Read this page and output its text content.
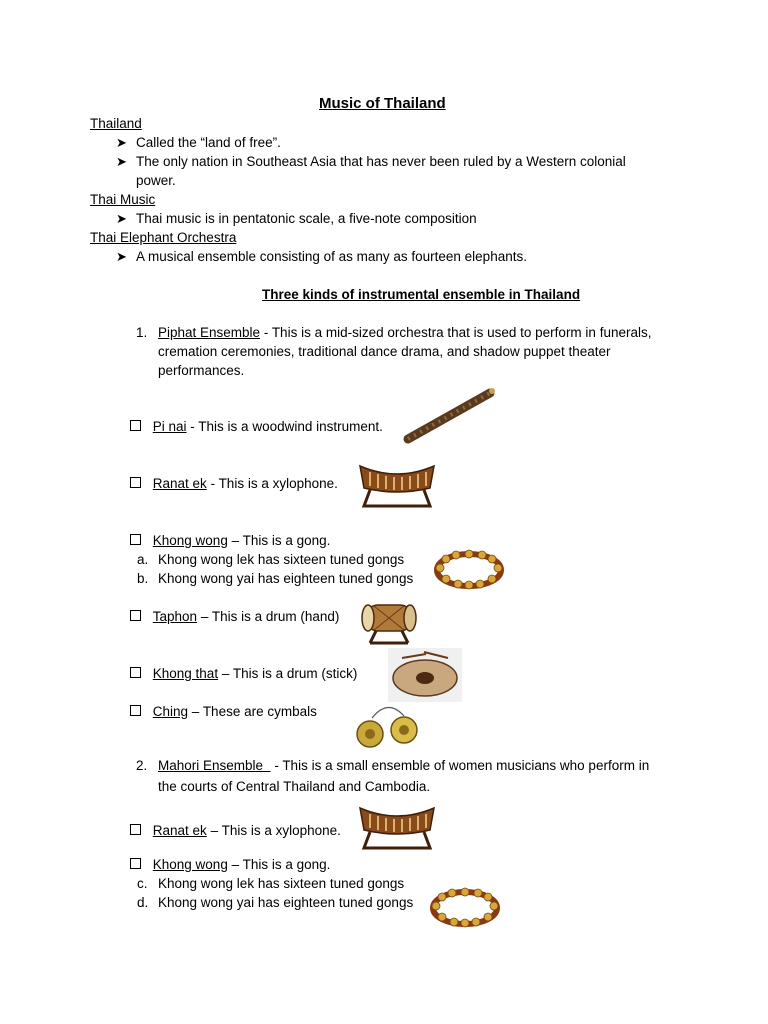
Music of Thailand
Thailand
➤ Called the “land of free”.
➤ The only nation in Southeast Asia that has never been ruled by a Western colonial
power.
Thai Music
➤ Thai music is in pentatonic scale, a five-note composition
Thai Elephant Orchestra
➤ A musical ensemble consisting of as many as fourteen elephants.
Three kinds of instrumental ensemble in Thailand
1. Piphat Ensemble - This is a mid-sized orchestra that is used to perform in funerals,
cremation ceremonies, traditional dance drama, and shadow puppet theater
performances.
Pi nai - This is a woodwind instrument.
Ranat ek - This is a xylophone.
Khong wong – This is a gong.
a. Khong wong lek has sixteen tuned gongs
b. Khong wong yai has eighteen tuned gongs
Taphon – This is a drum (hand)
Khong that – This is a drum (stick)
Ching – These are cymbals
2. Mahori Ensemble   - This is a small ensemble of women musicians who perform in
the courts of Central Thailand and Cambodia.
Ranat ek – This is a xylophone.
Khong wong – This is a gong.
c. Khong wong lek has sixteen tuned gongs
d. Khong wong yai has eighteen tuned gongs
